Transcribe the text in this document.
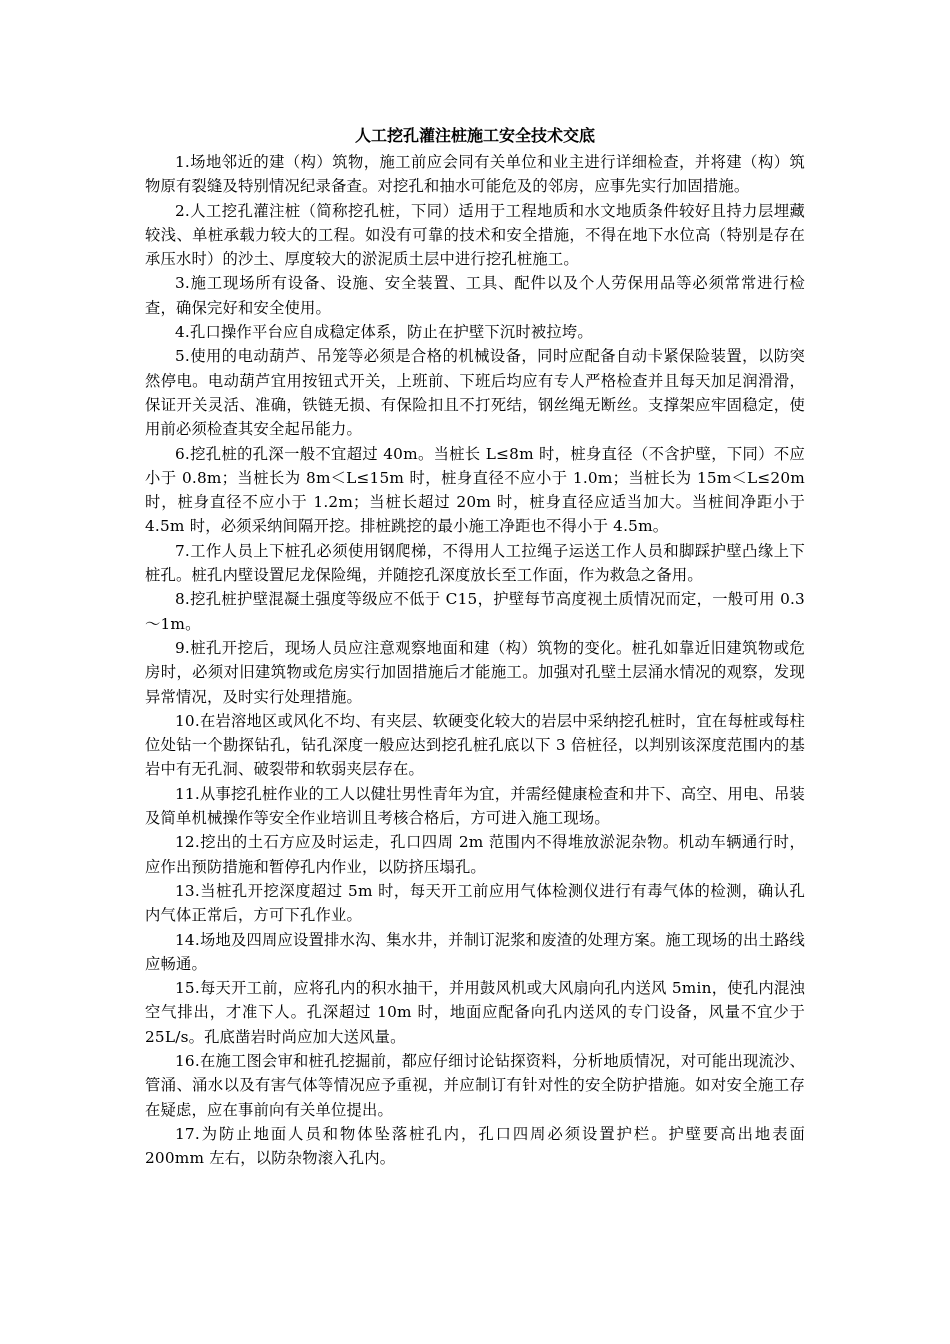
人工挖孔灌注桩施工安全技术交底

1.场地邻近的建（构）筑物，施工前应会同有关单位和业主进行详细检查，并将建（构）筑物原有裂缝及特别情况纪录备查。对挖孔和抽水可能危及的邻房，应事先实行加固措施。

2.人工挖孔灌注桩（简称挖孔桩，下同）适用于工程地质和水文地质条件较好且持力层埋藏较浅、单桩承载力较大的工程。如没有可靠的技术和安全措施，不得在地下水位高（特别是存在承压水时）的沙土、厚度较大的淤泥质土层中进行挖孔桩施工。

3.施工现场所有设备、设施、安全装置、工具、配件以及个人劳保用品等必须常常进行检查，确保完好和安全使用。

4.孔口操作平台应自成稳定体系，防止在护壁下沉时被拉垮。

5.使用的电动葫芦、吊笼等必须是合格的机械设备，同时应配备自动卡紧保险装置，以防突然停电。电动葫芦宜用按钮式开关，上班前、下班后均应有专人严格检查并且每天加足润滑滑，保证开关灵活、准确，铁链无损、有保险扣且不打死结，钢丝绳无断丝。支撑架应牢固稳定，使用前必须检查其安全起吊能力。

6.挖孔桩的孔深一般不宜超过 40m。当桩长 L≤8m 时，桩身直径（不含护壁，下同）不应小于 0.8m；当桩长为 8m＜L≤15m 时，桩身直径不应小于 1.0m；当桩长为 15m＜L≤20m 时，桩身直径不应小于 1.2m；当桩长超过 20m 时，桩身直径应适当加大。当桩间净距小于 4.5m 时，必须采纳间隔开挖。排桩跳挖的最小施工净距也不得小于 4.5m。

7.工作人员上下桩孔必须使用钢爬梯，不得用人工拉绳子运送工作人员和脚踩护壁凸缘上下桩孔。桩孔内壁设置尼龙保险绳，并随挖孔深度放长至工作面，作为救急之备用。

8.挖孔桩护壁混凝土强度等级应不低于 C15，护壁每节高度视土质情况而定，一般可用 0.3～1m。

9.桩孔开挖后，现场人员应注意观察地面和建（构）筑物的变化。桩孔如靠近旧建筑物或危房时，必须对旧建筑物或危房实行加固措施后才能施工。加强对孔壁土层涌水情况的观察，发现异常情况，及时实行处理措施。

10.在岩溶地区或风化不均、有夹层、软硬变化较大的岩层中采纳挖孔桩时，宜在每桩或每柱位处钻一个勘探钻孔，钻孔深度一般应达到挖孔桩孔底以下 3 倍桩径，以判别该深度范围内的基岩中有无孔洞、破裂带和软弱夹层存在。

11.从事挖孔桩作业的工人以健壮男性青年为宜，并需经健康检查和井下、高空、用电、吊装及简单机械操作等安全作业培训且考核合格后，方可进入施工现场。

12.挖出的土石方应及时运走，孔口四周 2m 范围内不得堆放淤泥杂物。机动车辆通行时，应作出预防措施和暂停孔内作业，以防挤压塌孔。

13.当桩孔开挖深度超过 5m 时，每天开工前应用气体检测仪进行有毒气体的检测，确认孔内气体正常后，方可下孔作业。

14.场地及四周应设置排水沟、集水井，并制订泥浆和废渣的处理方案。施工现场的出土路线应畅通。

15.每天开工前，应将孔内的积水抽干，并用鼓风机或大风扇向孔内送风 5min，使孔内混浊空气排出，才准下人。孔深超过 10m 时，地面应配备向孔内送风的专门设备，风量不宜少于 25L/s。孔底凿岩时尚应加大送风量。

16.在施工图会审和桩孔挖掘前，都应仔细讨论钻探资料，分析地质情况，对可能出现流沙、管涌、涌水以及有害气体等情况应予重视，并应制订有针对性的安全防护措施。如对安全施工存在疑虑，应在事前向有关单位提出。

17.为防止地面人员和物体坠落桩孔内，孔口四周必须设置护栏。护壁要高出地表面 200mm 左右，以防杂物滚入孔内。
